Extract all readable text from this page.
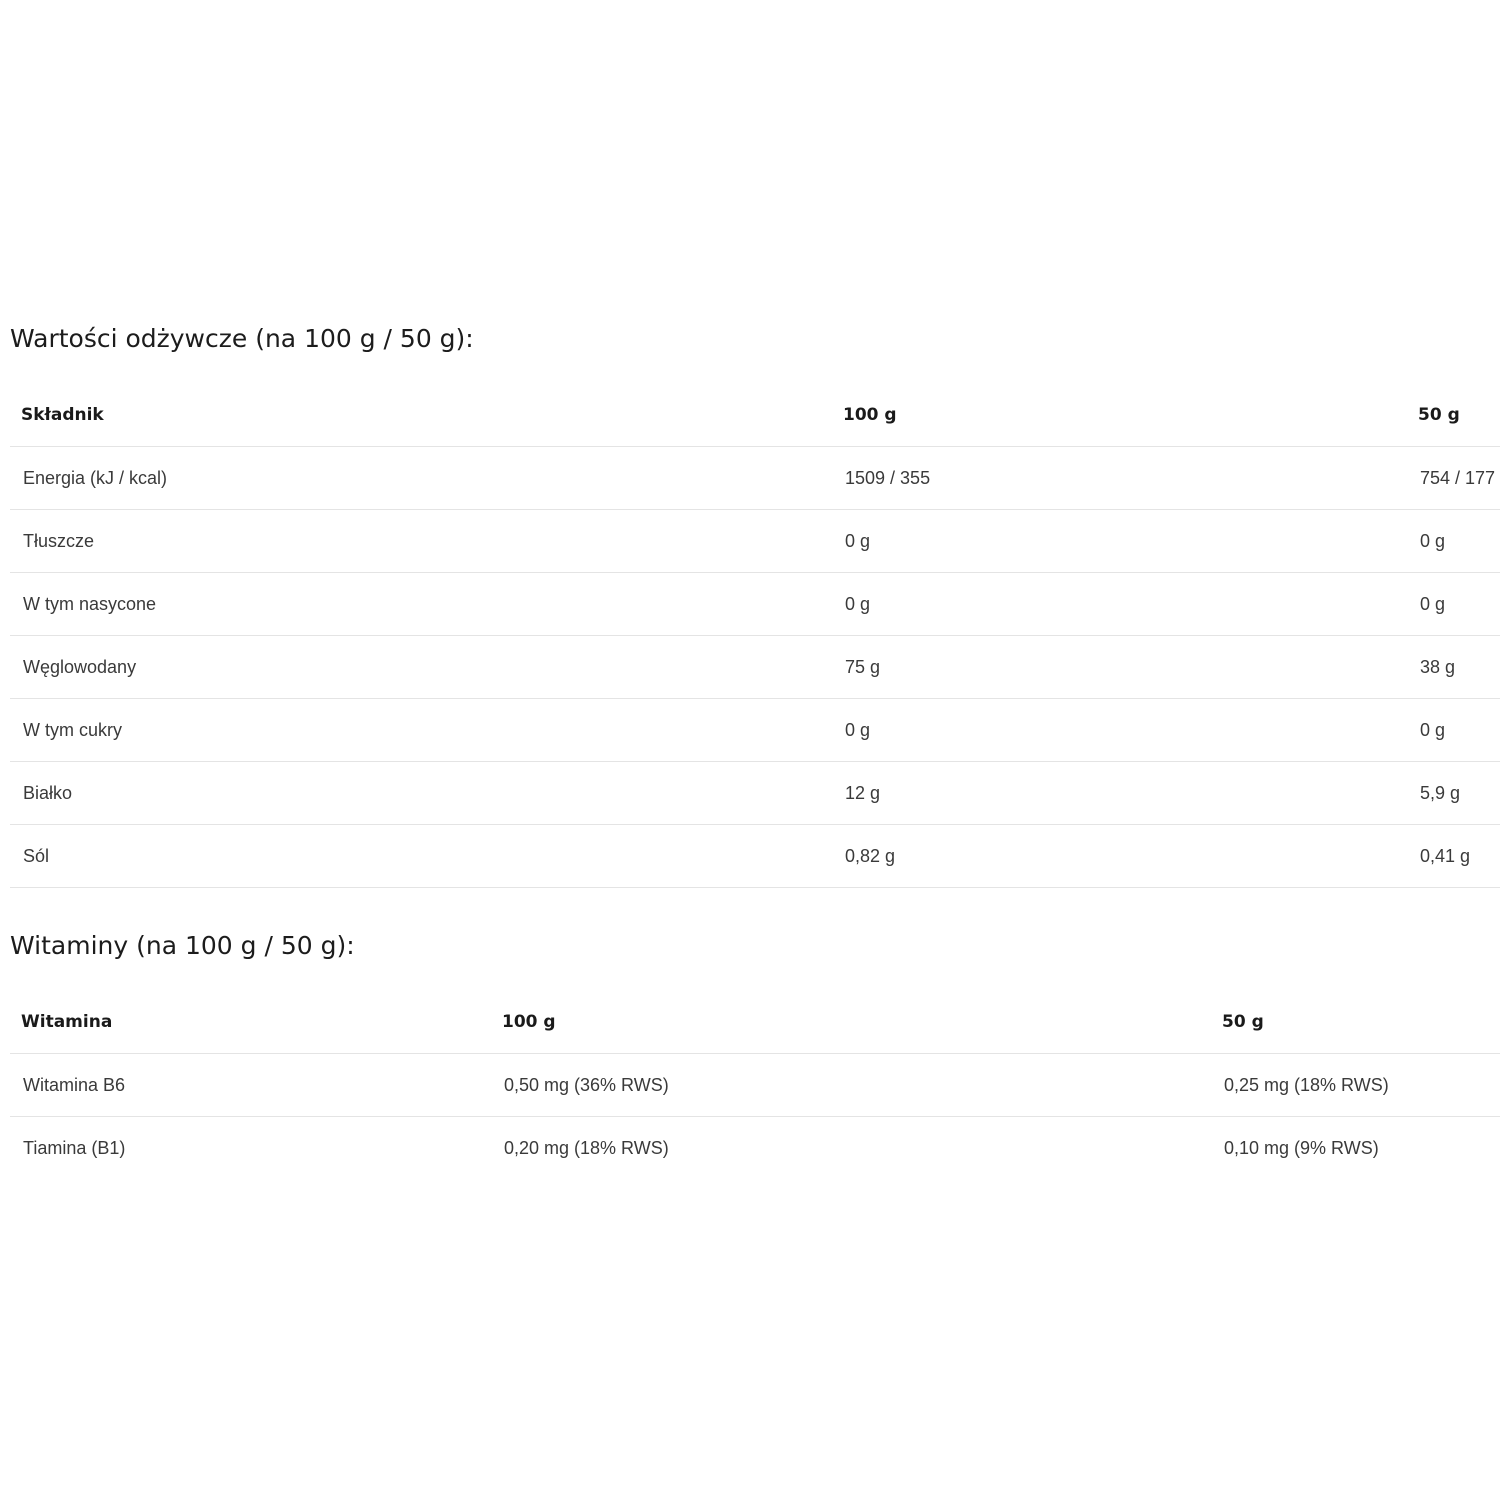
Wartości odżywcze (na 100 g / 50 g):
Składnik	100 g	50 g
Energia (kJ / kcal)	1509 / 355	754 / 177
Tłuszcze	0 g	0 g
W tym nasycone	0 g	0 g
Węglowodany	75 g	38 g
W tym cukry	0 g	0 g
Białko	12 g	5,9 g
Sól	0,82 g	0,41 g
Witaminy (na 100 g / 50 g):
Witamina	100 g	50 g
Witamina B6	0,50 mg (36% RWS)	0,25 mg (18% RWS)
Tiamina (B1)	0,20 mg (18% RWS)	0,10 mg (9% RWS)
